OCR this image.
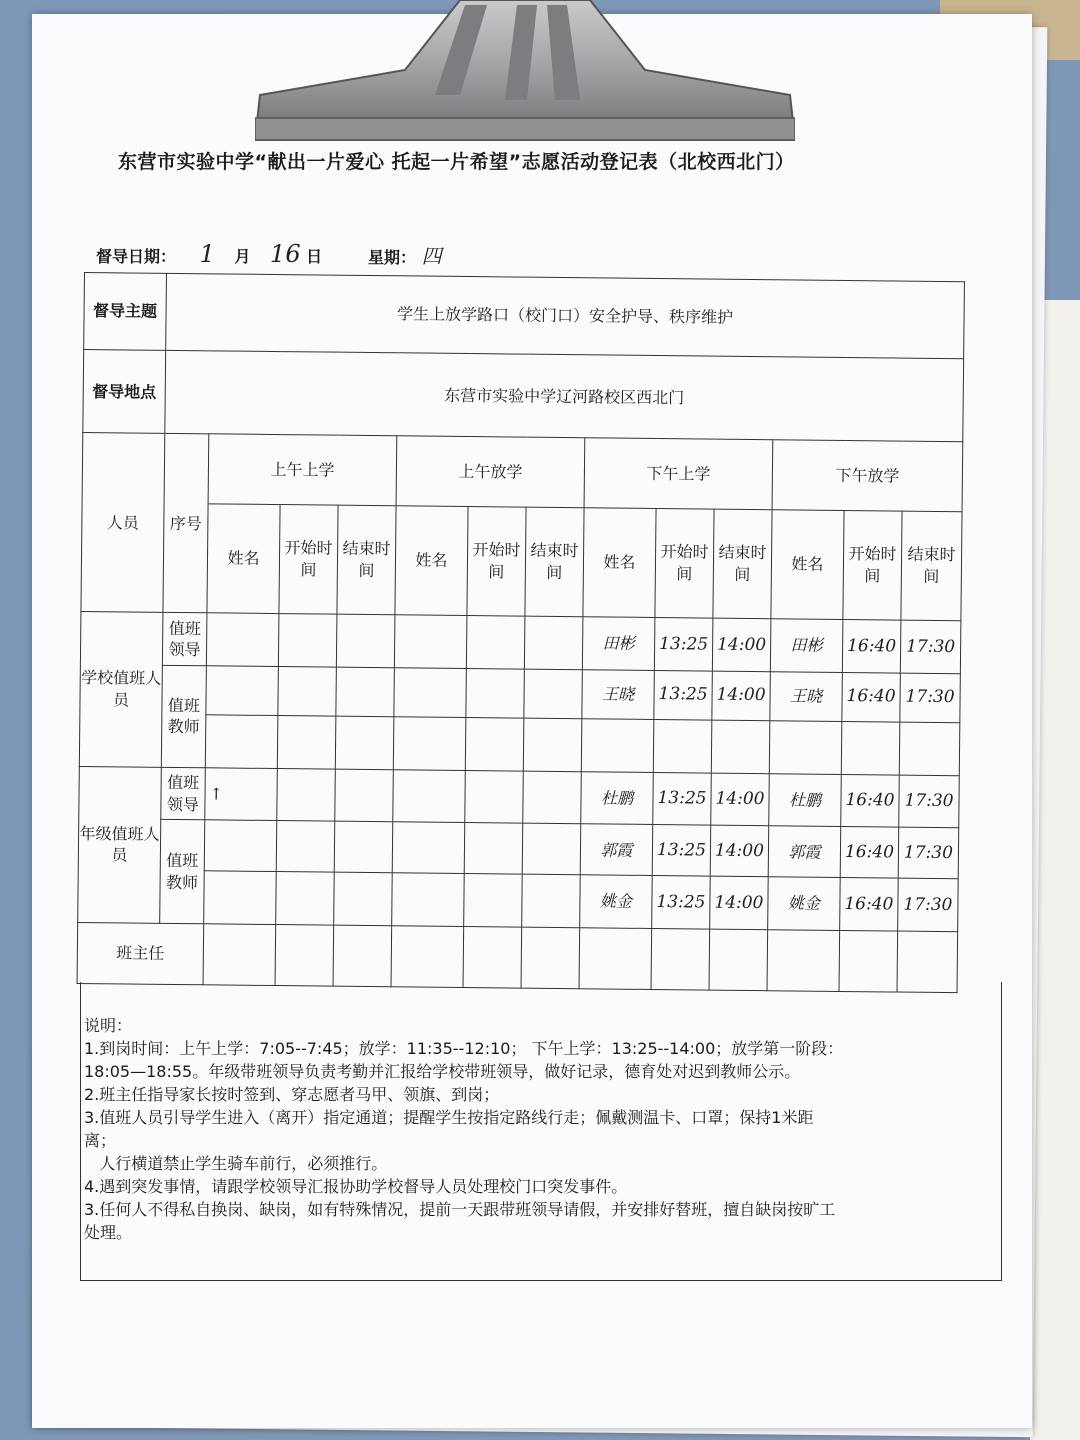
东营市实验中学“献出一片爱心 托起一片希望”志愿活动登记表（北校西北门）
督导日期： 1 月 16 日	星期： 四
督导主题	学生上放学路口（校门口）安全护导、秩序维护												
督导地点	东营市实验中学辽河路校区西北门												
人员	序号	上午上学			上午放学			下午上学			下午放学		
		姓名	开始时间	结束时间	姓名	开始时间	结束时间	姓名	开始时间	结束时间	姓名	开始时间	结束时间
学校值班人员	值班领导							田彬	13:25	14:00	田彬	16:40	17:30
	值班教师							王晓	13:25	14:00	王晓	16:40	17:30

年级值班人员	值班领导	↑						杜鹏	13:25	14:00	杜鹏	16:40	17:30
	值班教师							郭霞	13:25	14:00	郭霞	16:40	17:30
								姚金	13:25	14:00	姚金	16:40	17:30
班主任													
说明：
1.到岗时间：上午上学：7:05--7:45；放学：11:35--12:10； 下午上学：13:25--14:00；放学第一阶段：
18:05—18:55。年级带班领导负责考勤并汇报给学校带班领导，做好记录，德育处对迟到教师公示。
2.班主任指导家长按时签到、穿志愿者马甲、领旗、到岗；
3.值班人员引导学生进入（离开）指定通道；提醒学生按指定路线行走；佩戴测温卡、口罩；保持1米距
离；
人行横道禁止学生骑车前行，必须推行。
4.遇到突发事情，请跟学校领导汇报协助学校督导人员处理校门口突发事件。
3.任何人不得私自换岗、缺岗，如有特殊情况，提前一天跟带班领导请假，并安排好替班，擅自缺岗按旷工
处理。
